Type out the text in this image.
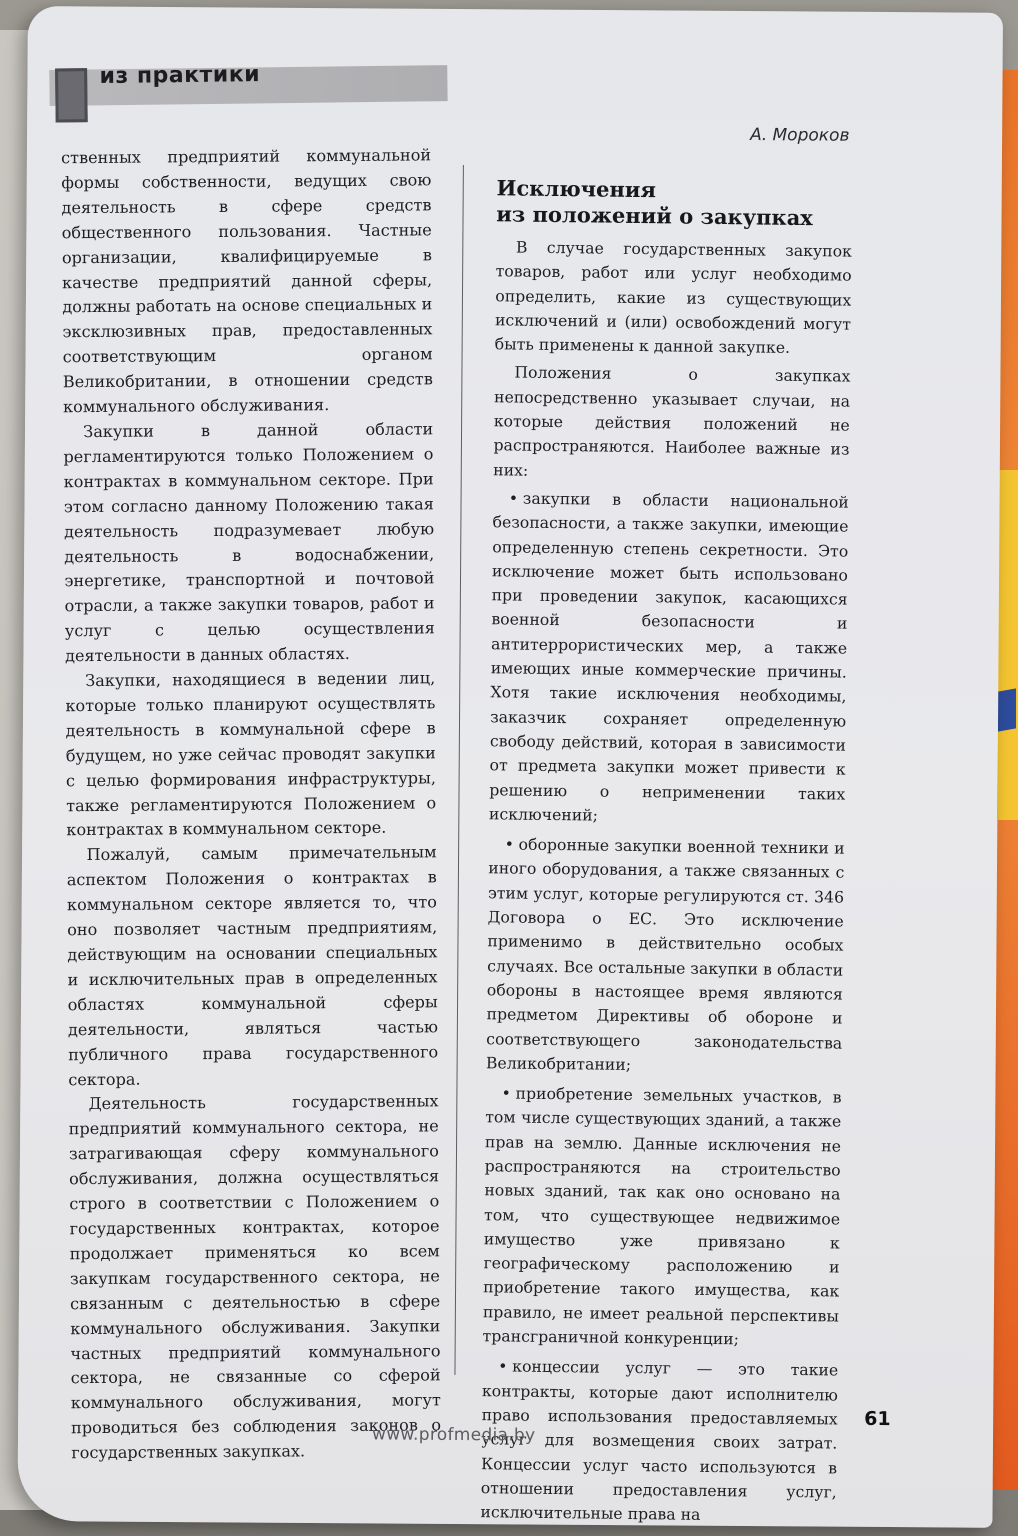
из практики
А. Мороков

ственных предприятий коммунальной формы собственности, ведущих свою деятельность в сфере средств общественного пользования. Частные организации, квалифицируемые в качестве предприятий данной сферы, должны работать на основе специальных и эксклюзивных прав, предоставленных соответствующим органом Великобритании, в отношении средств коммунального обслуживания.

Закупки в данной области регламентируются только Положением о контрактах в коммунальном секторе. При этом согласно данному Положению такая деятельность подразумевает любую деятельность в водоснабжении, энергетике, транспортной и почтовой отрасли, а также закупки товаров, работ и услуг с целью осуществления деятельности в данных областях.

Закупки, находящиеся в ведении лиц, которые только планируют осуществлять деятельность в коммунальной сфере в будущем, но уже сейчас проводят закупки с целью формирования инфраструктуры, также регламентируются Положением о контрактах в коммунальном секторе.

Пожалуй, самым примечательным аспектом Положения о контрактах в коммунальном секторе является то, что оно позволяет частным предприятиям, действующим на основании специальных и исключительных прав в определенных областях коммунальной сферы деятельности, являться частью публичного права государственного сектора.

Деятельность государственных предприятий коммунального сектора, не затрагивающая сферу коммунального обслуживания, должна осуществляться строго в соответствии с Положением о государственных контрактах, которое продолжает применяться ко всем закупкам государственного сектора, не связанным с деятельностью в сфере коммунального обслуживания. Закупки частных предприятий коммунального сектора, не связанные со сферой коммунального обслуживания, могут проводиться без соблюдения законов о государственных закупках.

Исключения
из положений о закупках

В случае государственных закупок товаров, работ или услуг необходимо определить, какие из существующих исключений и (или) освобождений могут быть применены к данной закупке.

Положения о закупках непосредственно указывает случаи, на которые действия положений не распространяются. Наиболее важные из них:

• закупки в области национальной безопасности, а также закупки, имеющие определенную степень секретности. Это исключение может быть использовано при проведении закупок, касающихся военной безопасности и антитеррористических мер, а также имеющих иные коммерческие причины. Хотя такие исключения необходимы, заказчик сохраняет определенную свободу действий, которая в зависимости от предмета закупки может привести к решению о неприменении таких исключений;
• оборонные закупки военной техники и иного оборудования, а также связанных с этим услуг, которые регулируются ст. 346 Договора о ЕС. Это исключение применимо в действительно особых случаях. Все остальные закупки в области обороны в настоящее время являются предметом Директивы об обороне и соответствующего законодательства Великобритании;
• приобретение земельных участков, в том числе существующих зданий, а также прав на землю. Данные исключения не распространяются на строительство новых зданий, так как оно основано на том, что существующее недвижимое имущество уже привязано к географическому расположению и приобретение такого имущества, как правило, не имеет реальной перспективы трансграничной конкуренции;
• концессии услуг — это такие контракты, которые дают исполнителю право использования предоставляемых услуг для возмещения своих затрат. Концессии услуг часто используются в отношении предоставления услуг, исключительные права на
61
www.profmedia.by
